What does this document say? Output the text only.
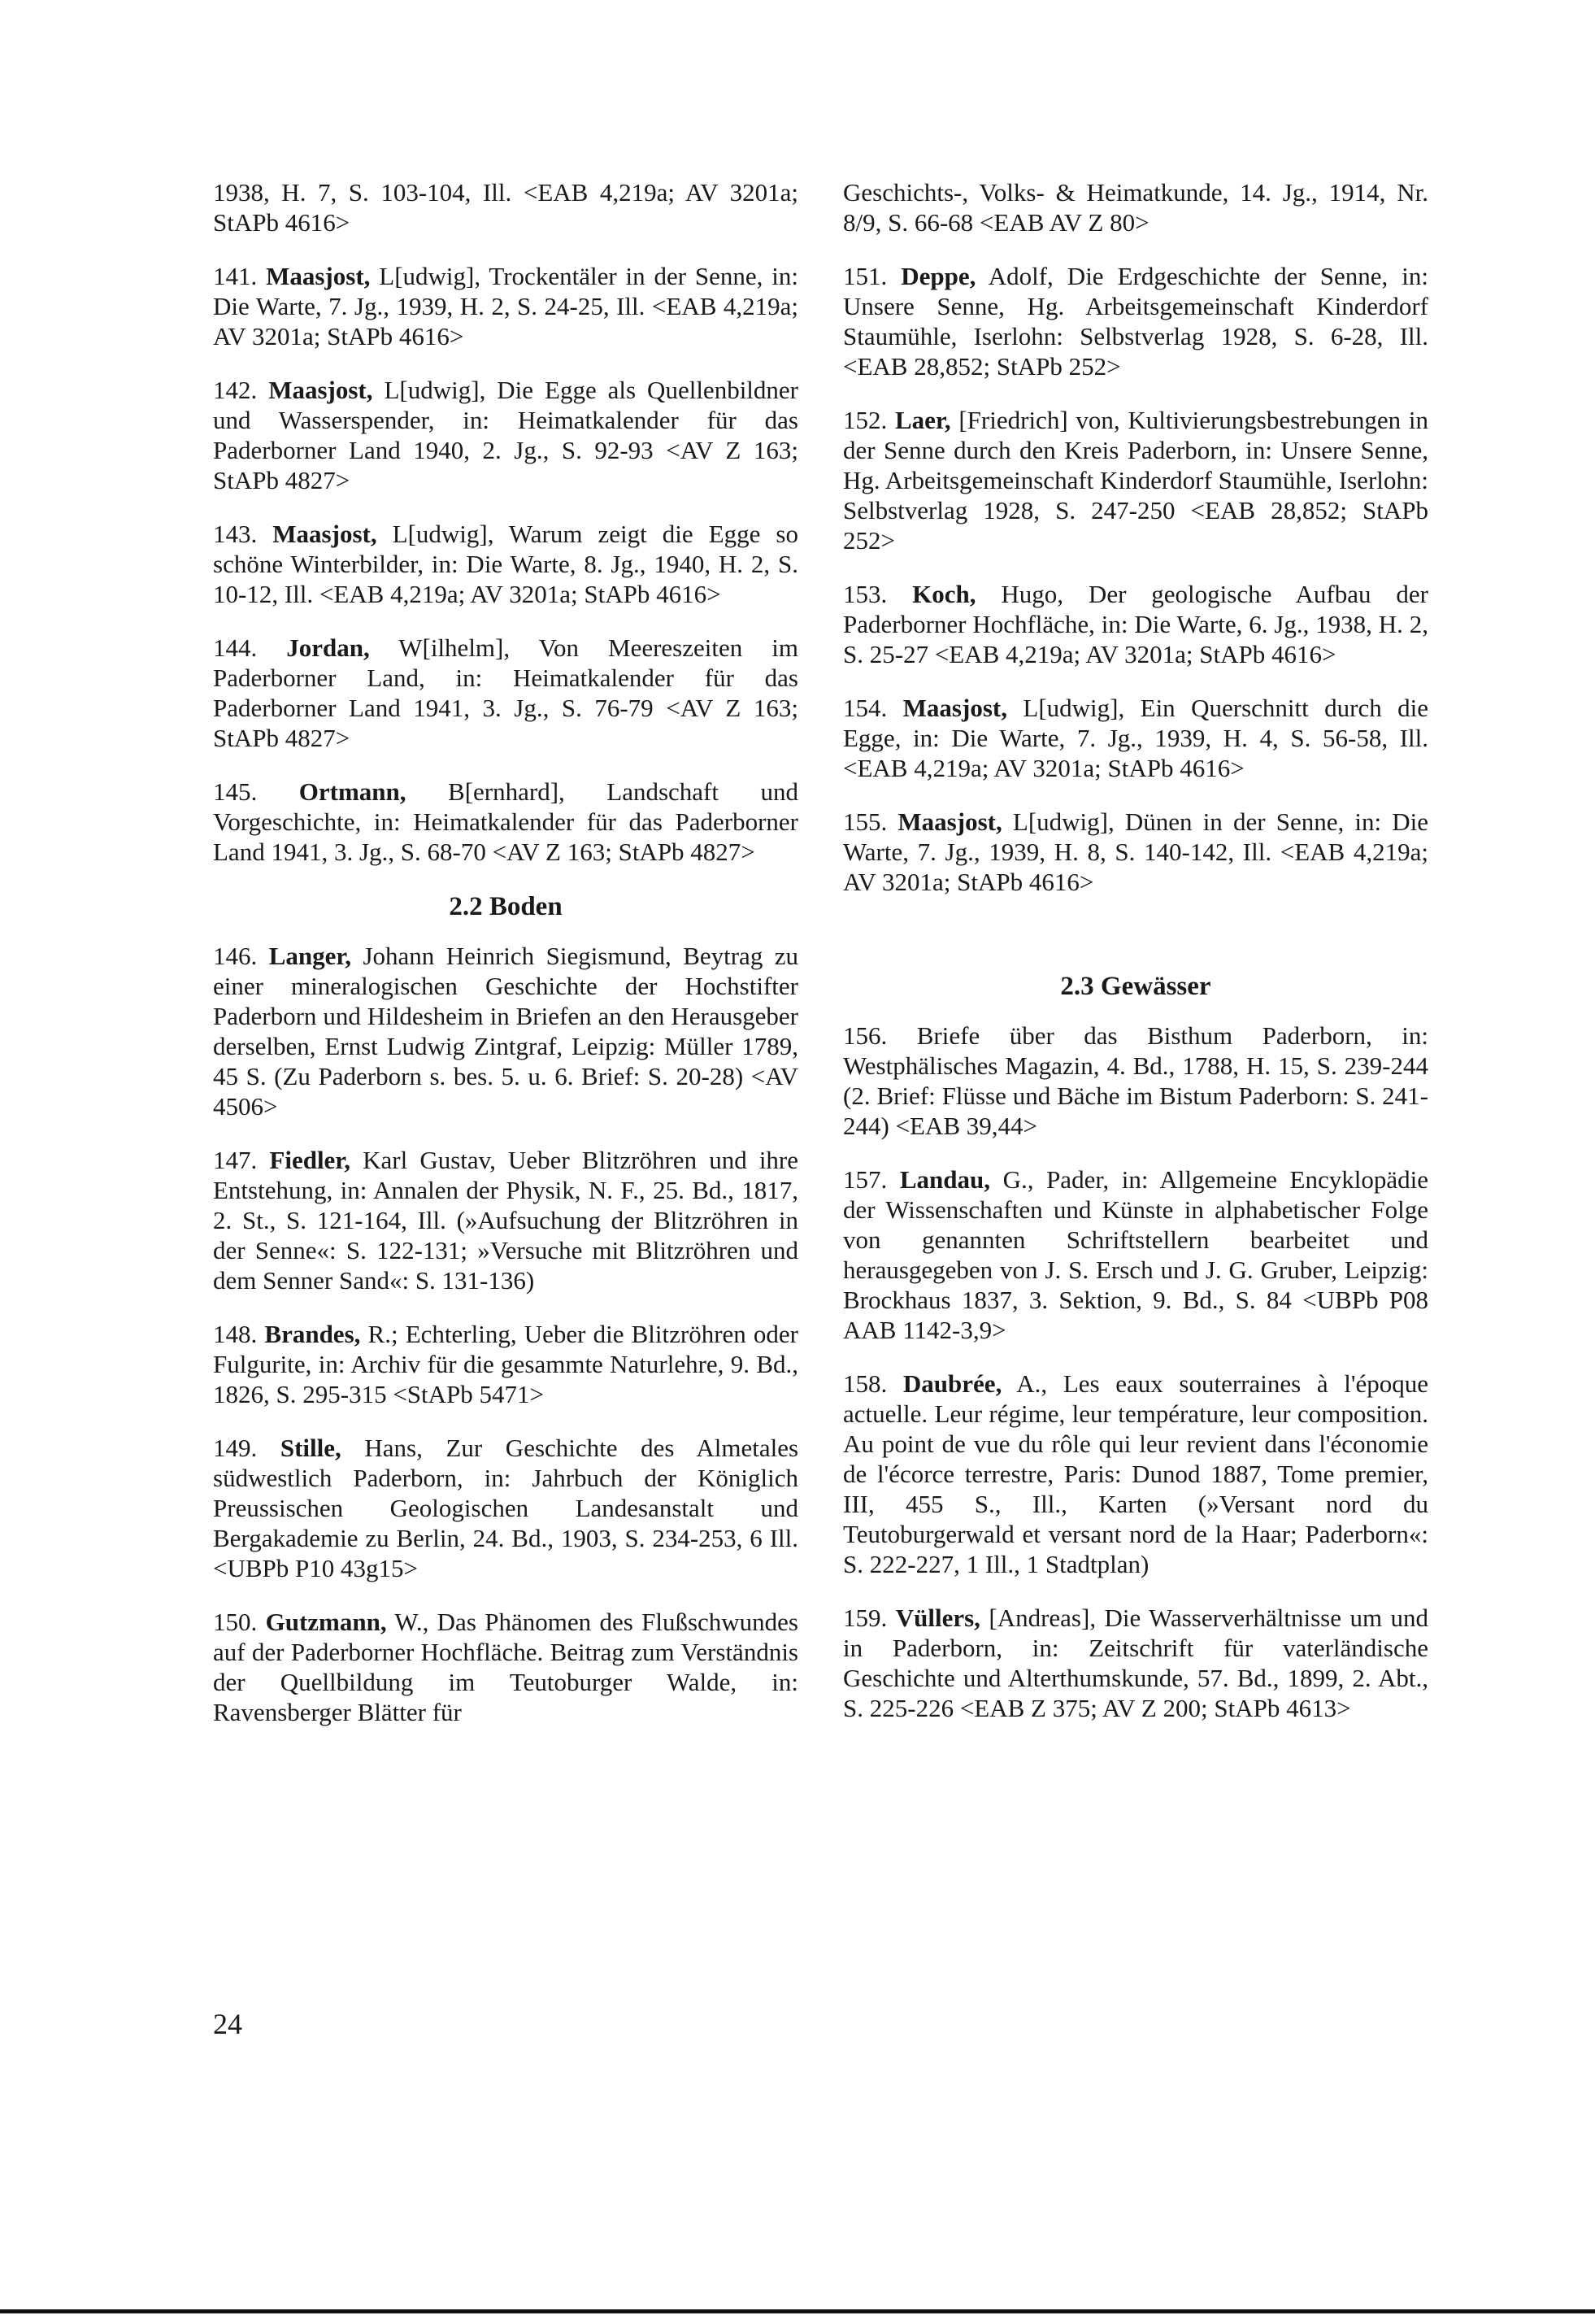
1938, H. 7, S. 103-104, Ill. <EAB 4,219a; AV 3201a; StAPb 4616>
141. Maasjost, L[udwig], Trockentäler in der Senne, in: Die Warte, 7. Jg., 1939, H. 2, S. 24-25, Ill. <EAB 4,219a; AV 3201a; StAPb 4616>
142. Maasjost, L[udwig], Die Egge als Quellenbildner und Wasserspender, in: Heimatkalender für das Paderborner Land 1940, 2. Jg., S. 92-93 <AV Z 163; StAPb 4827>
143. Maasjost, L[udwig], Warum zeigt die Egge so schöne Winterbilder, in: Die Warte, 8. Jg., 1940, H. 2, S. 10-12, Ill. <EAB 4,219a; AV 3201a; StAPb 4616>
144. Jordan, W[ilhelm], Von Meereszeiten im Paderborner Land, in: Heimatkalender für das Paderborner Land 1941, 3. Jg., S. 76-79 <AV Z 163; StAPb 4827>
145. Ortmann, B[ernhard], Landschaft und Vorgeschichte, in: Heimatkalender für das Paderborner Land 1941, 3. Jg., S. 68-70 <AV Z 163; StAPb 4827>
2.2 Boden
146. Langer, Johann Heinrich Siegismund, Beytrag zu einer mineralogischen Geschichte der Hochstifter Paderborn und Hildesheim in Briefen an den Herausgeber derselben, Ernst Ludwig Zintgraf, Leipzig: Müller 1789, 45 S. (Zu Paderborn s. bes. 5. u. 6. Brief: S. 20-28) <AV 4506>
147. Fiedler, Karl Gustav, Ueber Blitzröhren und ihre Entstehung, in: Annalen der Physik, N. F., 25. Bd., 1817, 2. St., S. 121-164, Ill. (»Aufsuchung der Blitzröhren in der Senne«: S. 122-131; »Versuche mit Blitzröhren und dem Senner Sand«: S. 131-136)
148. Brandes, R.; Echterling, Ueber die Blitzröhren oder Fulgurite, in: Archiv für die gesammte Naturlehre, 9. Bd., 1826, S. 295-315 <StAPb 5471>
149. Stille, Hans, Zur Geschichte des Almetales südwestlich Paderborn, in: Jahrbuch der Königlich Preussischen Geologischen Landesanstalt und Bergakademie zu Berlin, 24. Bd., 1903, S. 234-253, 6 Ill. <UBPb P10 43g15>
150. Gutzmann, W., Das Phänomen des Flußschwundes auf der Paderborner Hochfläche. Beitrag zum Verständnis der Quellbildung im Teutoburger Walde, in: Ravensberger Blätter für
Geschichts-, Volks- & Heimatkunde, 14. Jg., 1914, Nr. 8/9, S. 66-68 <EAB AV Z 80>
151. Deppe, Adolf, Die Erdgeschichte der Senne, in: Unsere Senne, Hg. Arbeitsgemeinschaft Kinderdorf Staumühle, Iserlohn: Selbstverlag 1928, S. 6-28, Ill. <EAB 28,852; StAPb 252>
152. Laer, [Friedrich] von, Kultivierungsbestrebungen in der Senne durch den Kreis Paderborn, in: Unsere Senne, Hg. Arbeitsgemeinschaft Kinderdorf Staumühle, Iserlohn: Selbstverlag 1928, S. 247-250 <EAB 28,852; StAPb 252>
153. Koch, Hugo, Der geologische Aufbau der Paderborner Hochfläche, in: Die Warte, 6. Jg., 1938, H. 2, S. 25-27 <EAB 4,219a; AV 3201a; StAPb 4616>
154. Maasjost, L[udwig], Ein Querschnitt durch die Egge, in: Die Warte, 7. Jg., 1939, H. 4, S. 56-58, Ill. <EAB 4,219a; AV 3201a; StAPb 4616>
155. Maasjost, L[udwig], Dünen in der Senne, in: Die Warte, 7. Jg., 1939, H. 8, S. 140-142, Ill. <EAB 4,219a; AV 3201a; StAPb 4616>
2.3 Gewässer
156. Briefe über das Bisthum Paderborn, in: Westphälisches Magazin, 4. Bd., 1788, H. 15, S. 239-244 (2. Brief: Flüsse und Bäche im Bistum Paderborn: S. 241-244) <EAB 39,44>
157. Landau, G., Pader, in: Allgemeine Encyklopädie der Wissenschaften und Künste in alphabetischer Folge von genannten Schriftstellern bearbeitet und herausgegeben von J. S. Ersch und J. G. Gruber, Leipzig: Brockhaus 1837, 3. Sektion, 9. Bd., S. 84 <UBPb P08 AAB 1142-3,9>
158. Daubrée, A., Les eaux souterraines à l'époque actuelle. Leur régime, leur température, leur composition. Au point de vue du rôle qui leur revient dans l'économie de l'écorce terrestre, Paris: Dunod 1887, Tome premier, III, 455 S., Ill., Karten (»Versant nord du Teutoburgerwald et versant nord de la Haar; Paderborn«: S. 222-227, 1 Ill., 1 Stadtplan)
159. Vüllers, [Andreas], Die Wasserverhältnisse um und in Paderborn, in: Zeitschrift für vaterländische Geschichte und Alterthumskunde, 57. Bd., 1899, 2. Abt., S. 225-226 <EAB Z 375; AV Z 200; StAPb 4613>
24
